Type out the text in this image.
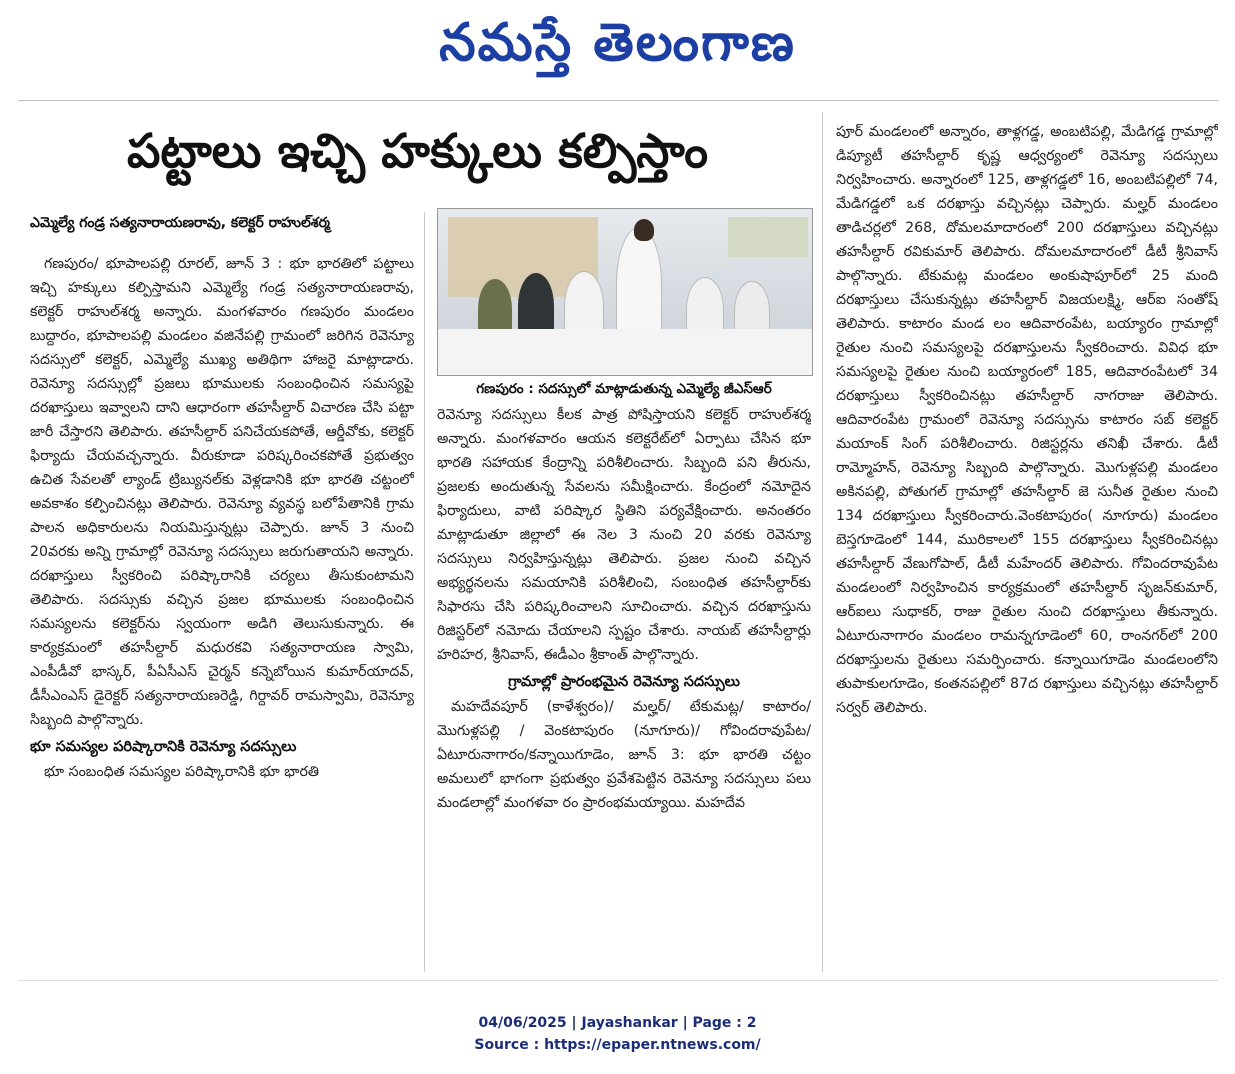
నమస్తే తెలంగాణ
పట్టాలు ఇచ్చి హక్కులు కల్పిస్తాం
ఎమ్మెల్యే గండ్ర సత్యనారాయణరావు, కలెక్టర్ రాహుల్‌శర్మ

గణపురం/ భూపాలపల్లి రూరల్, జూన్ 3 : భూ భారతిలో పట్టాలు ఇచ్చి హక్కులు కల్పిస్తామని ఎమ్మెల్యే గండ్ర సత్యనారాయణరావు, కలెక్టర్ రాహుల్‌శర్మ అన్నారు. మంగళవారం గణపురం మండలం బుద్దారం, భూపాలపల్లి మండలం వజినేపల్లి గ్రామంలో జరిగిన రెవెన్యూ సదస్సులో కలెక్టర్, ఎమ్మెల్యే ముఖ్య అతిథిగా హాజరై మాట్లాడారు. రెవెన్యూ సదస్సుల్లో ప్రజలు భూములకు సంబంధించిన సమస్యపై దరఖాస్తులు ఇవ్వాలని దాని ఆధారంగా తహసీల్దార్ విచారణ చేసి పట్టా జారీ చేస్తారని తెలిపారు. తహసీల్దార్ పనిచేయకపోతే, ఆర్డీవోకు, కలెక్టర్ ఫిర్యాదు చేయవచ్చన్నారు. వీరుకూడా పరిష్కరించకపోతే ప్రభుత్వం ఉచిత సేవలతో ల్యాండ్ ట్రిబ్యునల్‌కు వెళ్లడానికి భూ భారతి చట్టంలో అవకాశం కల్పించినట్లు తెలిపారు. రెవెన్యూ వ్యవస్థ బలోపేతానికి గ్రామ పాలన అధికారులను నియమిస్తున్నట్లు చెప్పారు. జూన్ 3 నుంచి 20వరకు అన్ని గ్రామాల్లో రెవెన్యూ సదస్సులు జరుగుతాయని అన్నారు. దరఖాస్తులు స్వీకరించి పరిష్కారానికి చర్యలు తీసుకుంటామని తెలిపారు. సదస్సుకు వచ్చిన ప్రజల భూములకు సంబంధించిన సమస్యలను కలెక్టర్‌ను స్వయంగా అడిగి తెలుసుకున్నారు. ఈ కార్యక్రమంలో తహసీల్దార్ మధురకవి సత్యనారాయణ స్వామి, ఎంపీడీవో భాస్కర్, పీఏసీఎస్ చైర్మన్ కన్నెబోయిన కుమార్‌యాదవ్, డీసీఎంఎస్ డైరెక్టర్ సత్యనారాయణరెడ్డి, గిర్దావర్ రామస్వామి, రెవెన్యూ సిబ్బంది పాల్గొన్నారు.

భూ సమస్యల పరిష్కారానికి రెవెన్యూ సదస్సులు

భూ సంబంధిత సమస్యల పరిష్కారానికి భూ భారతి

గణపురం : సదస్సులో మాట్లాడుతున్న ఎమ్మెల్యే జీఎస్‌ఆర్

రెవెన్యూ సదస్సులు కీలక పాత్ర పోషిస్తాయని కలెక్టర్ రాహుల్‌శర్మ అన్నారు. మంగళవారం ఆయన కలెక్టరేట్‌లో ఏర్పాటు చేసిన భూ భారతి సహాయక కేంద్రాన్ని పరిశీలించారు. సిబ్బంది పని తీరును, ప్రజలకు అందుతున్న సేవలను సమీక్షించారు. కేంద్రంలో నమోదైన ఫిర్యాదులు, వాటి పరిష్కార స్థితిని పర్యవేక్షించారు. అనంతరం మాట్లాడుతూ జిల్లాలో ఈ నెల 3 నుంచి 20 వరకు రెవెన్యూ సదస్సులు నిర్వహిస్తున్నట్లు తెలిపారు. ప్రజల నుంచి వచ్చిన అభ్యర్థనలను సమయానికి పరిశీలించి, సంబంధిత తహసీల్దార్‌కు సిఫారసు చేసి పరిష్కరించాలని సూచించారు. వచ్చిన దరఖాస్తును రిజిస్టర్‌లో నమోదు చేయాలని స్పష్టం చేశారు. నాయబ్ తహసీల్దార్లు హరిహర, శ్రీనివాస్, ఈడీఎం శ్రీకాంత్ పాల్గొన్నారు.

గ్రామాల్లో ప్రారంభమైన రెవెన్యూ సదస్సులు

మహదేవపూర్ (కాళేశ్వరం)/ మల్హర్/ టేకుమట్ల/ కాటారం/ మొగుళ్లపల్లి / వెంకటాపురం (నూగూరు)/ గోవిందరావుపేట/ ఏటూరునాగారం/కన్నాయిగూడెం, జూన్ 3: భూ భారతి చట్టం అమలులో భాగంగా ప్రభుత్వం ప్రవేశపెట్టిన రెవెన్యూ సదస్సులు పలు మండలాల్లో మంగళవా రం ప్రారంభమయ్యాయి. మహదేవ

పూర్ మండలంలో అన్నారం, తాళ్లగడ్డ, అంబటిపల్లి, మేడిగడ్డ గ్రామాల్లో డిప్యూటీ తహసీల్దార్ కృష్ణ ఆధ్వర్యంలో రెవెన్యూ సదస్సులు నిర్వహించారు. అన్నారంలో 125, తాళ్లగడ్డలో 16, అంబటిపల్లిలో 74, మేడిగడ్డలో ఒక దరఖాస్తు వచ్చినట్లు చెప్పారు. మల్హర్ మండలం తాడిచర్లలో 268, దోమలమాదారంలో 200 దరఖాస్తులు వచ్చినట్లు తహసీల్దార్ రవికుమార్ తెలిపారు. దోమలమాదారంలో డీటీ శ్రీనివాస్ పాల్గొన్నారు. టేకుమట్ల మండలం అంకుషాపూర్‌లో 25 మంది దరఖాస్తులు చేసుకున్నట్లు తహసీల్దార్ విజయలక్ష్మి, ఆర్ఐ సంతోష్ తెలిపారు. కాటారం మండ లం ఆదివారంపేట, బయ్యారం గ్రామాల్లో రైతుల నుంచి సమస్యలపై దరఖాస్తులను స్వీకరించారు. వివిధ భూ సమస్యలపై రైతుల నుంచి బయ్యారంలో 185, ఆదివారంపేటలో 34 దరఖాస్తులు స్వీకరించినట్లు తహసీల్దార్ నాగరాజు తెలిపారు. ఆదివారంపేట గ్రామంలో రెవెన్యూ సదస్సును కాటారం సబ్ కలెక్టర్ మయాంక్ సింగ్ పరిశీలించారు. రిజిస్టర్లను తనిఖీ చేశారు. డీటీ రామ్మోహన్, రెవెన్యూ సిబ్బంది పాల్గొన్నారు. మొగుళ్లపల్లి మండలం అకినపల్లి, పోతుగల్ గ్రామాల్లో తహసీల్దార్ జె సునీత రైతుల నుంచి 134 దరఖాస్తులు స్వీకరించారు.వెంకటాపురం( నూగూరు) మండలం బెస్తగూడెంలో 144, మురికాలలో 155 దరఖాస్తులు స్వీకరించినట్లు తహసీల్దార్ వేణుగోపాల్, డీటీ మహేందర్ తెలిపారు. గోవిందరావుపేట మండలంలో నిర్వహించిన కార్యక్రమంలో తహసీల్దార్ సృజన్‌కుమార్, ఆర్ఐలు సుధాకర్, రాజు రైతుల నుంచి దరఖాస్తులు తీకున్నారు. ఏటూరునాగారం మండలం రామన్నగూడెంలో 60, రాంనగర్‌లో 200 దరఖాస్తులను రైతులు సమర్పించారు. కన్నాయిగూడెం మండలంలోని తుపాకులగూడెం, కంతనపల్లిలో 87ద రఖాస్తులు వచ్చినట్లు తహసీల్దార్ సర్వర్ తెలిపారు.

04/06/2025 | Jayashankar | Page : 2
Source : https://epaper.ntnews.com/
